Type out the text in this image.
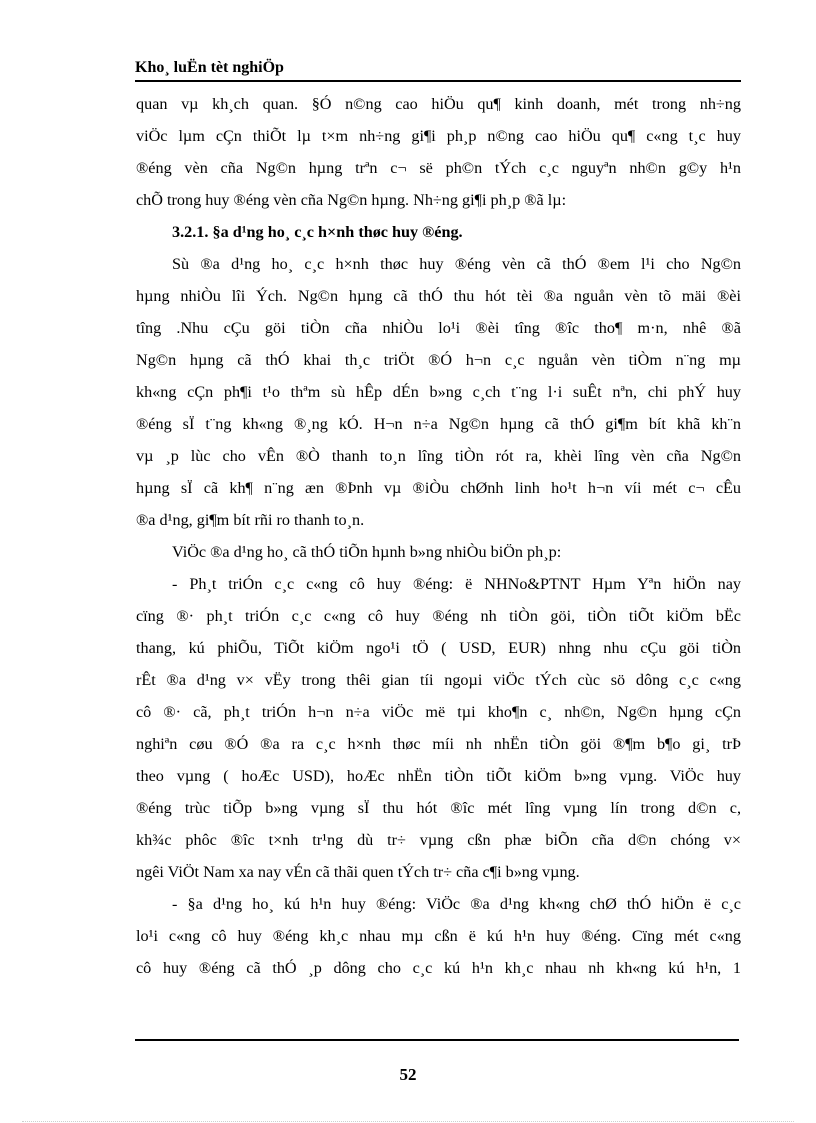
Kho¸ luËn tèt nghiÖp
quan vµ kh¸ch quan. §Ó n©ng cao hiÖu qu¶ kinh doanh, mét trong nh÷ng
viÖc lµm cÇn thiÕt lµ t×m nh÷ng gi¶i ph¸p n©ng cao hiÖu qu¶ c«ng t¸c huy
®éng vèn cña Ng©n hµng trªn c¬ së ph©n tÝch c¸c nguyªn nh©n g©y h¹n
chÕ trong huy ®éng vèn cña Ng©n hµng. Nh÷ng gi¶i ph¸p ®ã lµ:
3.2.1. §a d¹ng ho¸ c¸c h×nh thøc huy ®éng.
Sù ®a d¹ng ho¸ c¸c h×nh thøc huy ®éng vèn cã thÓ ®em l¹i cho Ng©n
hµng nhiÒu lîi Ých. Ng©n hµng cã thÓ thu hót tèi ®a nguån vèn tõ mäi ®èi
tîng .Nhu cÇu göi tiÒn cña nhiÒu lo¹i ®èi tîng ®îc tho¶ m·n, nhê ®ã
Ng©n hµng cã thÓ khai th¸c triÖt ®Ó h¬n c¸c nguån vèn tiÒm n¨ng mµ
kh«ng cÇn ph¶i t¹o thªm sù hÊp dÉn b»ng c¸ch t¨ng l·i suÊt nªn, chi phÝ huy
®éng sÏ t¨ng kh«ng ®¸ng kÓ. H¬n n÷a Ng©n hµng cã thÓ gi¶m bít khã kh¨n
vµ ¸p lùc cho vÊn ®Ò thanh to¸n lîng tiÒn rót ra, khèi lîng vèn cña Ng©n
hµng sÏ cã kh¶ n¨ng æn ®Þnh vµ ®iÒu chØnh linh ho¹t h¬n víi mét c¬ cÊu
®a d¹ng, gi¶m bít rñi ro thanh to¸n.
ViÖc ®a d¹ng ho¸ cã thÓ tiÕn hµnh b»ng nhiÒu biÖn ph¸p:
- Ph¸t triÓn c¸c c«ng cô huy ®éng: ë NHNo&PTNT Hµm Yªn hiÖn nay
cïng ®· ph¸t triÓn c¸c c«ng cô huy ®éng nh tiÒn göi, tiÒn tiÕt kiÖm bËc
thang, kú phiÕu, TiÕt kiÖm ngo¹i tÖ ( USD, EUR) nhng nhu cÇu göi tiÒn
rÊt ®a d¹ng v× vËy trong thêi gian tíi ngoµi viÖc tÝch cùc sö dông c¸c c«ng
cô ®· cã, ph¸t triÓn h¬n n÷a viÖc më tµi kho¶n c¸ nh©n, Ng©n hµng cÇn
nghiªn cøu ®Ó ®a ra c¸c h×nh thøc míi nh nhËn tiÒn göi ®¶m b¶o gi¸ trÞ
theo vµng ( hoÆc USD), hoÆc nhËn tiÒn tiÕt kiÖm b»ng vµng. ViÖc huy
®éng trùc tiÕp b»ng vµng sÏ thu hót ®îc mét lîng vµng lín trong d©n c,
kh¾c phôc ®îc t×nh tr¹ng dù tr÷ vµng cßn phæ biÕn cña d©n chóng v×
ngêi ViÖt Nam xa nay vÉn cã thãi quen tÝch tr÷ cña c¶i b»ng vµng.
- §a d¹ng ho¸ kú h¹n huy ®éng: ViÖc ®a d¹ng kh«ng chØ thÓ hiÖn ë c¸c
lo¹i c«ng cô huy ®éng kh¸c nhau mµ cßn ë kú h¹n huy ®éng. Cïng mét c«ng
cô huy ®éng cã thÓ ¸p dông cho c¸c kú h¹n kh¸c nhau nh kh«ng kú h¹n, 1
52
